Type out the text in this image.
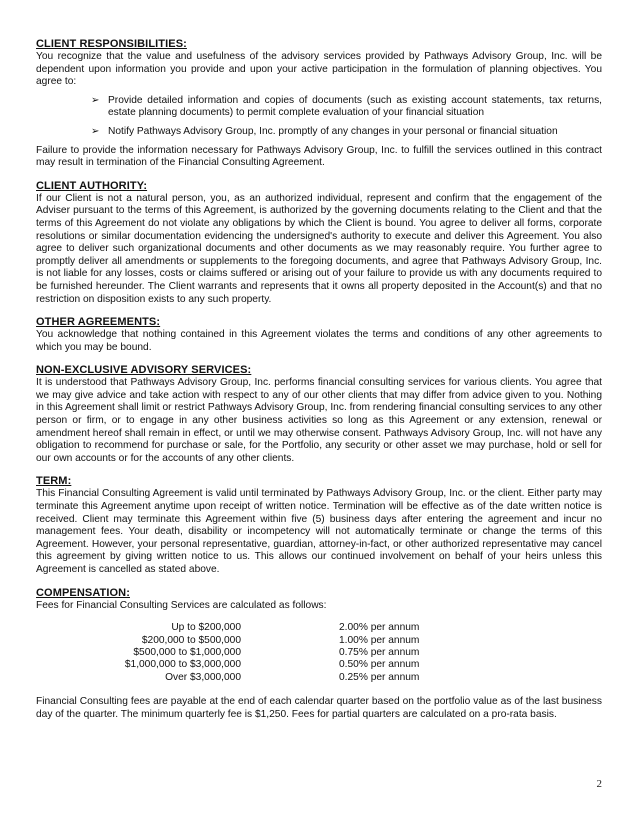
CLIENT RESPONSIBILITIES:

You recognize that the value and usefulness of the advisory services provided by Pathways Advisory Group, Inc. will be dependent upon information you provide and upon your active participation in the formulation of planning objectives. You agree to:

➢ Provide detailed information and copies of documents (such as existing account statements, tax returns, estate planning documents) to permit complete evaluation of your financial situation
➢ Notify Pathways Advisory Group, Inc. promptly of any changes in your personal or financial situation

Failure to provide the information necessary for Pathways Advisory Group, Inc. to fulfill the services outlined in this contract may result in termination of the Financial Consulting Agreement.

CLIENT AUTHORITY:

If our Client is not a natural person, you, as an authorized individual, represent and confirm that the engagement of the Adviser pursuant to the terms of this Agreement, is authorized by the governing documents relating to the Client and that the terms of this Agreement do not violate any obligations by which the Client is bound. You agree to deliver all forms, corporate resolutions or similar documentation evidencing the undersigned's authority to execute and deliver this Agreement. You also agree to deliver such organizational documents and other documents as we may reasonably require. You further agree to promptly deliver all amendments or supplements to the foregoing documents, and agree that Pathways Advisory Group, Inc. is not liable for any losses, costs or claims suffered or arising out of your failure to provide us with any documents required to be furnished hereunder. The Client warrants and represents that it owns all property deposited in the Account(s) and that no restriction on disposition exists to any such property.

OTHER AGREEMENTS:

You acknowledge that nothing contained in this Agreement violates the terms and conditions of any other agreements to which you may be bound.

NON-EXCLUSIVE ADVISORY SERVICES:

It is understood that Pathways Advisory Group, Inc. performs financial consulting services for various clients. You agree that we may give advice and take action with respect to any of our other clients that may differ from advice given to you. Nothing in this Agreement shall limit or restrict Pathways Advisory Group, Inc. from rendering financial consulting services to any other person or firm, or to engage in any other business activities so long as this Agreement or any extension, renewal or amendment hereof shall remain in effect, or until we may otherwise consent. Pathways Advisory Group, Inc. will not have any obligation to recommend for purchase or sale, for the Portfolio, any security or other asset we may purchase, hold or sell for our own accounts or for the accounts of any other clients.

TERM:

This Financial Consulting Agreement is valid until terminated by Pathways Advisory Group, Inc. or the client. Either party may terminate this Agreement anytime upon receipt of written notice. Termination will be effective as of the date written notice is received. Client may terminate this Agreement within five (5) business days after entering the agreement and incur no management fees. Your death, disability or incompetency will not automatically terminate or change the terms of this Agreement. However, your personal representative, guardian, attorney-in-fact, or other authorized representative may cancel this agreement by giving written notice to us. This allows our continued involvement on behalf of your heirs unless this Agreement is cancelled as stated above.

COMPENSATION:

Fees for Financial Consulting Services are calculated as follows:

Up to $200,000		2.00% per annum
$200,000 to $500,000		1.00% per annum
$500,000 to $1,000,000		0.75% per annum
$1,000,000 to $3,000,000		0.50% per annum
Over $3,000,000		0.25% per annum

Financial Consulting fees are payable at the end of each calendar quarter based on the portfolio value as of the last business day of the quarter. The minimum quarterly fee is $1,250. Fees for partial quarters are calculated on a pro-rata basis.

2
